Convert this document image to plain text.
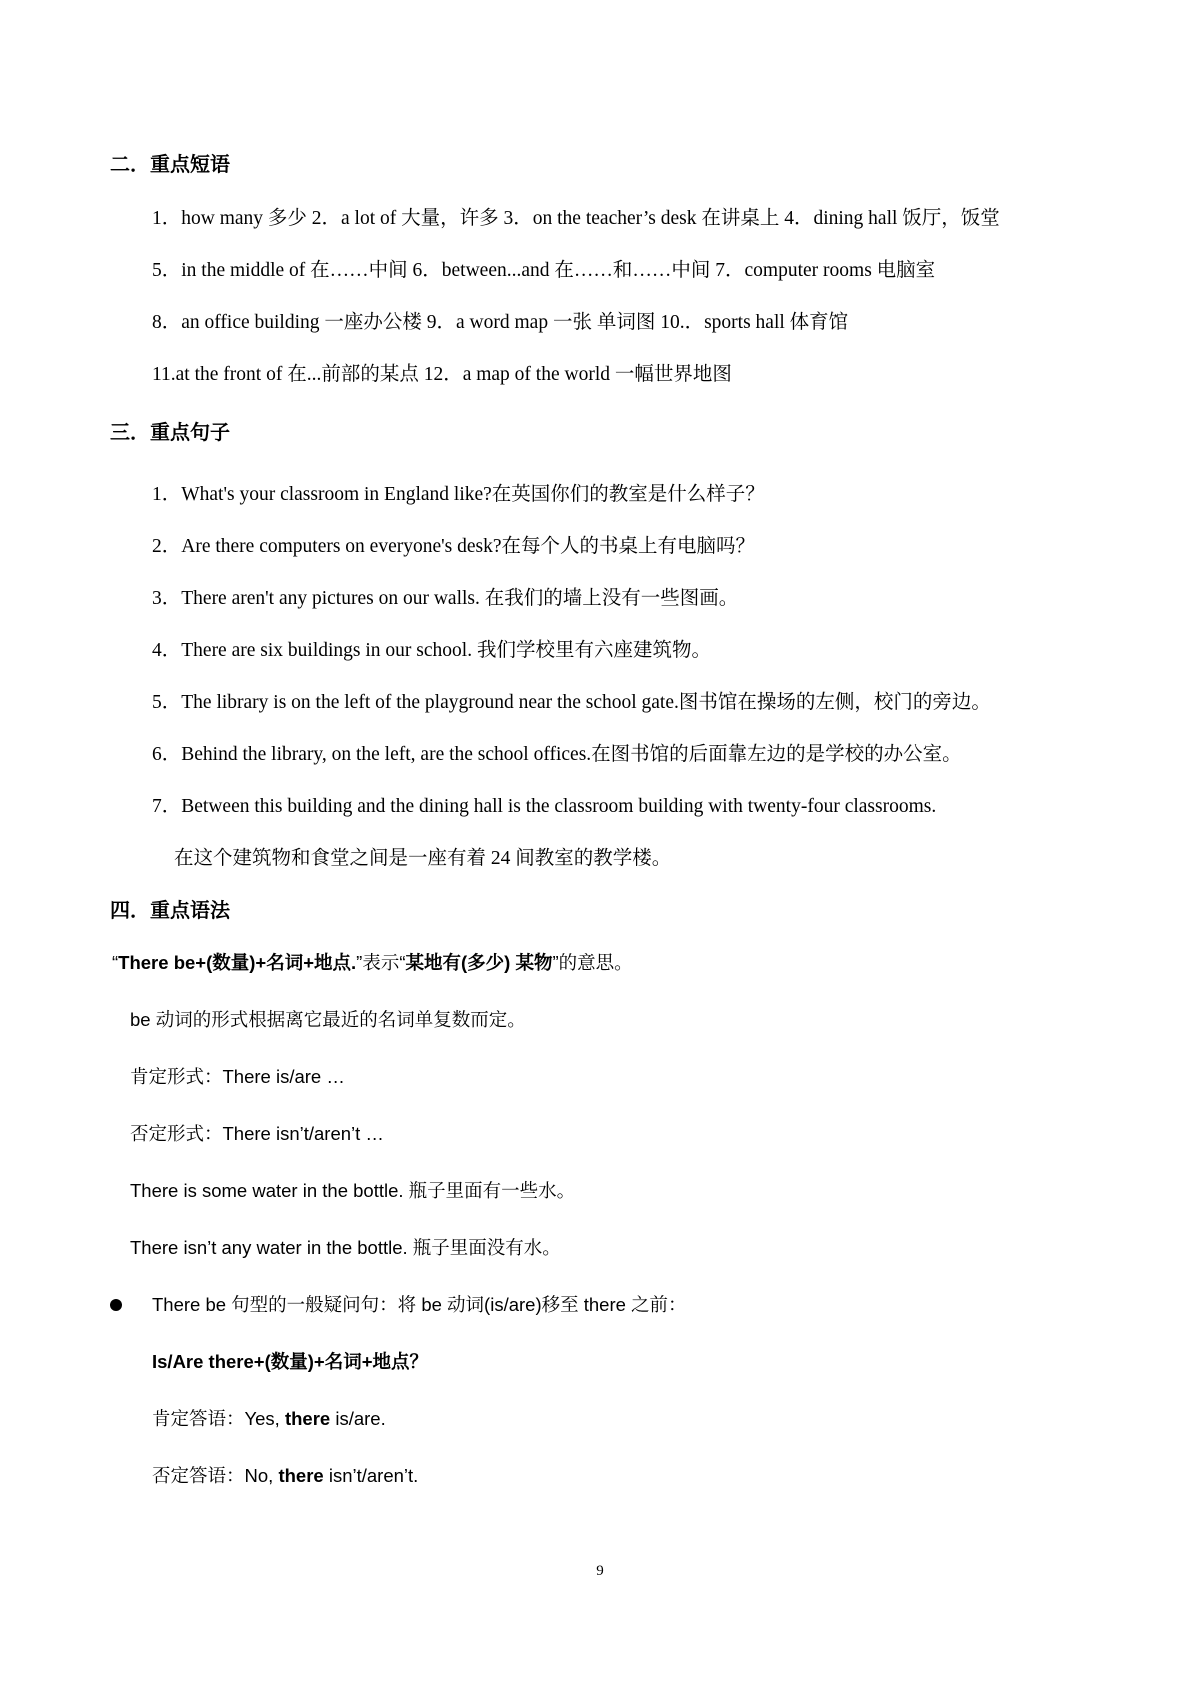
二．重点短语
1．how many 多少 2．a lot of 大量，许多 3．on the teacher’s desk 在讲桌上 4．dining hall 饭厅，饭堂
5．in the middle of 在……中间 6．between...and 在……和……中间 7．computer rooms 电脑室
8．an office building 一座办公楼 9．a word map 一张 单词图 10.．sports hall 体育馆
11.at the front of 在...前部的某点 12．a map of the world 一幅世界地图
三．重点句子
1．What's your classroom in England like?在英国你们的教室是什么样子？
2．Are there computers on everyone's desk?在每个人的书桌上有电脑吗？
3．There aren't any pictures on our walls. 在我们的墙上没有一些图画。
4．There are six buildings in our school. 我们学校里有六座建筑物。
5．The library is on the left of the playground near the school gate.图书馆在操场的左侧，校门的旁边。
6．Behind the library, on the left, are the school offices.在图书馆的后面靠左边的是学校的办公室。
7．Between this building and the dining hall is the classroom building with twenty-four classrooms.
在这个建筑物和食堂之间是一座有着 24 间教室的教学楼。
四．重点语法
“There be+(数量)+名词+地点.”表示“某地有(多少) 某物”的意思。
be 动词的形式根据离它最近的名词单复数而定。
肯定形式：There is/are …
否定形式：There isn’t/aren’t …
There is some water in the bottle. 瓶子里面有一些水。
There isn’t any water in the bottle. 瓶子里面没有水。
There be 句型的一般疑问句：将 be 动词(is/are)移至 there 之前：
Is/Are there+(数量)+名词+地点？
肯定答语：Yes, there is/are.
否定答语：No, there isn’t/aren’t.
9
